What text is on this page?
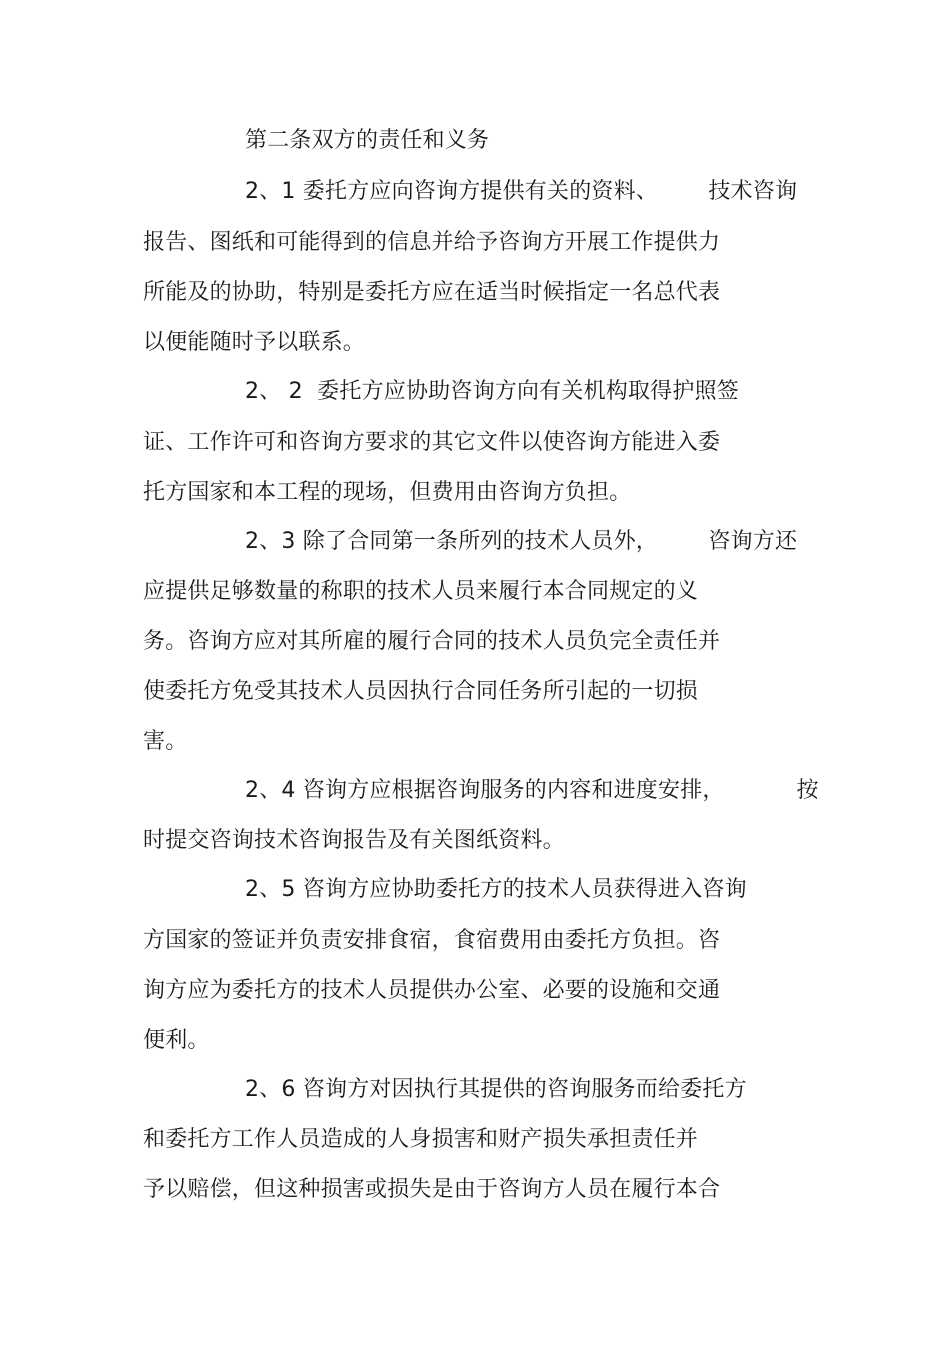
第二条双方的责任和义务
2、1 委托方应向咨询方提供有关的资料、       技术咨询
报告、图纸和可能得到的信息并给予咨询方开展工作提供力
所能及的协助，特别是委托方应在适当时候指定一名总代表
以便能随时予以联系。
2、 2  委托方应协助咨询方向有关机构取得护照签
证、工作许可和咨询方要求的其它文件以使咨询方能进入委
托方国家和本工程的现场，但费用由咨询方负担。
2、3 除了合同第一条所列的技术人员外，       咨询方还
应提供足够数量的称职的技术人员来履行本合同规定的义
务。咨询方应对其所雇的履行合同的技术人员负完全责任并
使委托方免受其技术人员因执行合同任务所引起的一切损
害。
2、4 咨询方应根据咨询服务的内容和进度安排，          按
时提交咨询技术咨询报告及有关图纸资料。
2、5 咨询方应协助委托方的技术人员获得进入咨询
方国家的签证并负责安排食宿，食宿费用由委托方负担。咨
询方应为委托方的技术人员提供办公室、必要的设施和交通
便利。
2、6 咨询方对因执行其提供的咨询服务而给委托方
和委托方工作人员造成的人身损害和财产损失承担责任并
予以赔偿，但这种损害或损失是由于咨询方人员在履行本合
